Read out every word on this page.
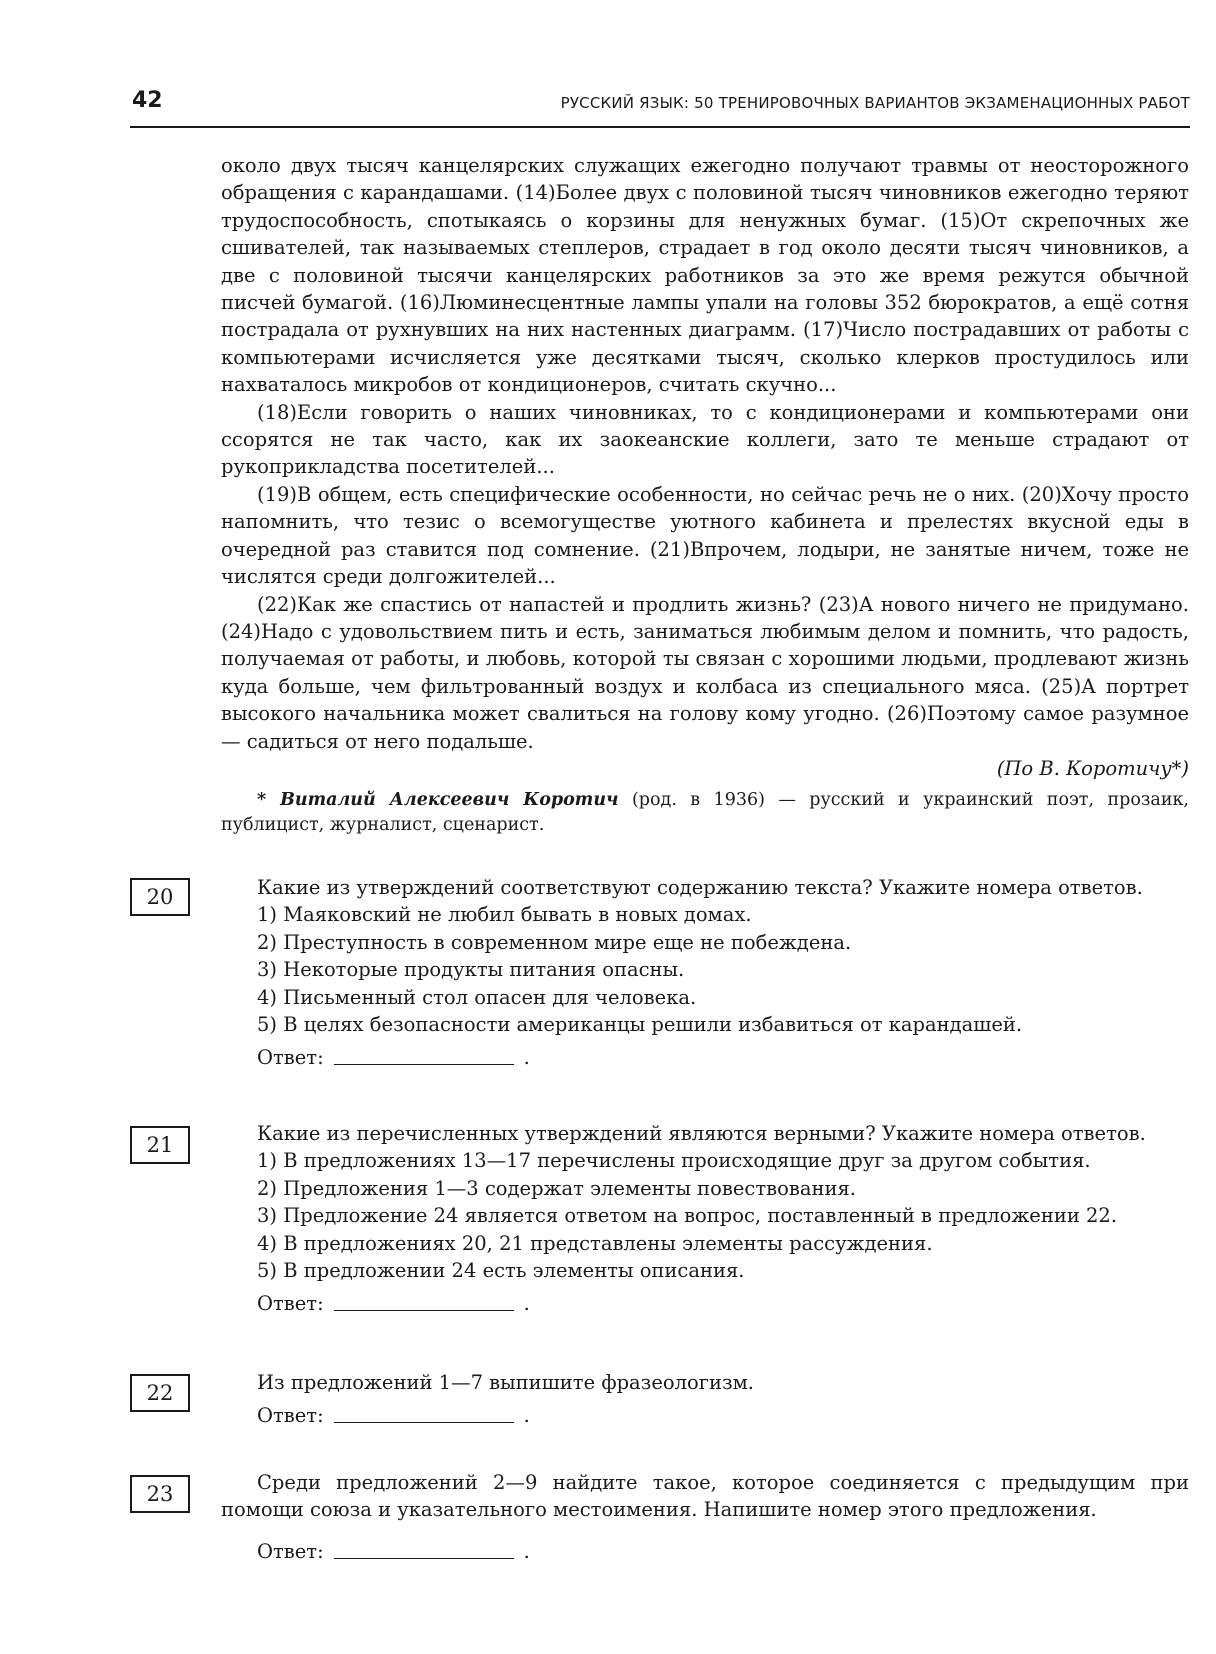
42	РУССКИЙ ЯЗЫК: 50 ТРЕНИРОВОЧНЫХ ВАРИАНТОВ ЭКЗАМЕНАЦИОННЫХ РАБОТ

около двух тысяч канцелярских служащих ежегодно получают травмы от неосторожного обращения с карандашами. (14)Более двух с половиной тысяч чиновников ежегодно теряют трудоспособность, спотыкаясь о корзины для ненужных бумаг. (15)От скрепочных же сшивателей, так называемых степлеров, страдает в год около десяти тысяч чиновников, а две с половиной тысячи канцелярских работников за это же время режутся обычной писчей бумагой. (16)Люминесцентные лампы упали на головы 352 бюрократов, а ещё сотня пострадала от рухнувших на них настенных диаграмм. (17)Число пострадавших от работы с компьютерами исчисляется уже десятками тысяч, сколько клерков простудилось или нахваталось микробов от кондиционеров, считать скучно...

(18)Если говорить о наших чиновниках, то с кондиционерами и компьютерами они ссорятся не так часто, как их заокеанские коллеги, зато те меньше страдают от рукоприкладства посетителей...

(19)В общем, есть специфические особенности, но сейчас речь не о них. (20)Хочу просто напомнить, что тезис о всемогуществе уютного кабинета и прелестях вкусной еды в очередной раз ставится под сомнение. (21)Впрочем, лодыри, не занятые ничем, тоже не числятся среди долгожителей...

(22)Как же спастись от напастей и продлить жизнь? (23)А нового ничего не придумано. (24)Надо с удовольствием пить и есть, заниматься любимым делом и помнить, что радость, получаемая от работы, и любовь, которой ты связан с хорошими людьми, продлевают жизнь куда больше, чем фильтрованный воздух и колбаса из специального мяса. (25)А портрет высокого начальника может свалиться на голову кому угодно. (26)Поэтому самое разумное — садиться от него подальше.

(По В. Коротичу*)

* Виталий Алексеевич Коротич (род. в 1936) — русский и украинский поэт, прозаик, публицист, журналист, сценарист.

20	Какие из утверждений соответствуют содержанию текста? Укажите номера ответов.

1) Маяковский не любил бывать в новых домах.
2) Преступность в современном мире еще не побеждена.
3) Некоторые продукты питания опасны.
4) Письменный стол опасен для человека.
5) В целях безопасности американцы решили избавиться от карандашей.
Ответ:	.
21	Какие из перечисленных утверждений являются верными? Укажите номера ответов.

1) В предложениях 13—17 перечислены происходящие друг за другом события.
2) Предложения 1—3 содержат элементы повествования.
3) Предложение 24 является ответом на вопрос, поставленный в предложении 22.
4) В предложениях 20, 21 представлены элементы рассуждения.
5) В предложении 24 есть элементы описания.
Ответ:	.
22	Из предложений 1—7 выпишите фразеологизм.

Ответ:	.
23	Среди предложений 2—9 найдите такое, которое соединяется с предыдущим при помощи союза и указательного местоимения. Напишите номер этого предложения.

Ответ:	.
